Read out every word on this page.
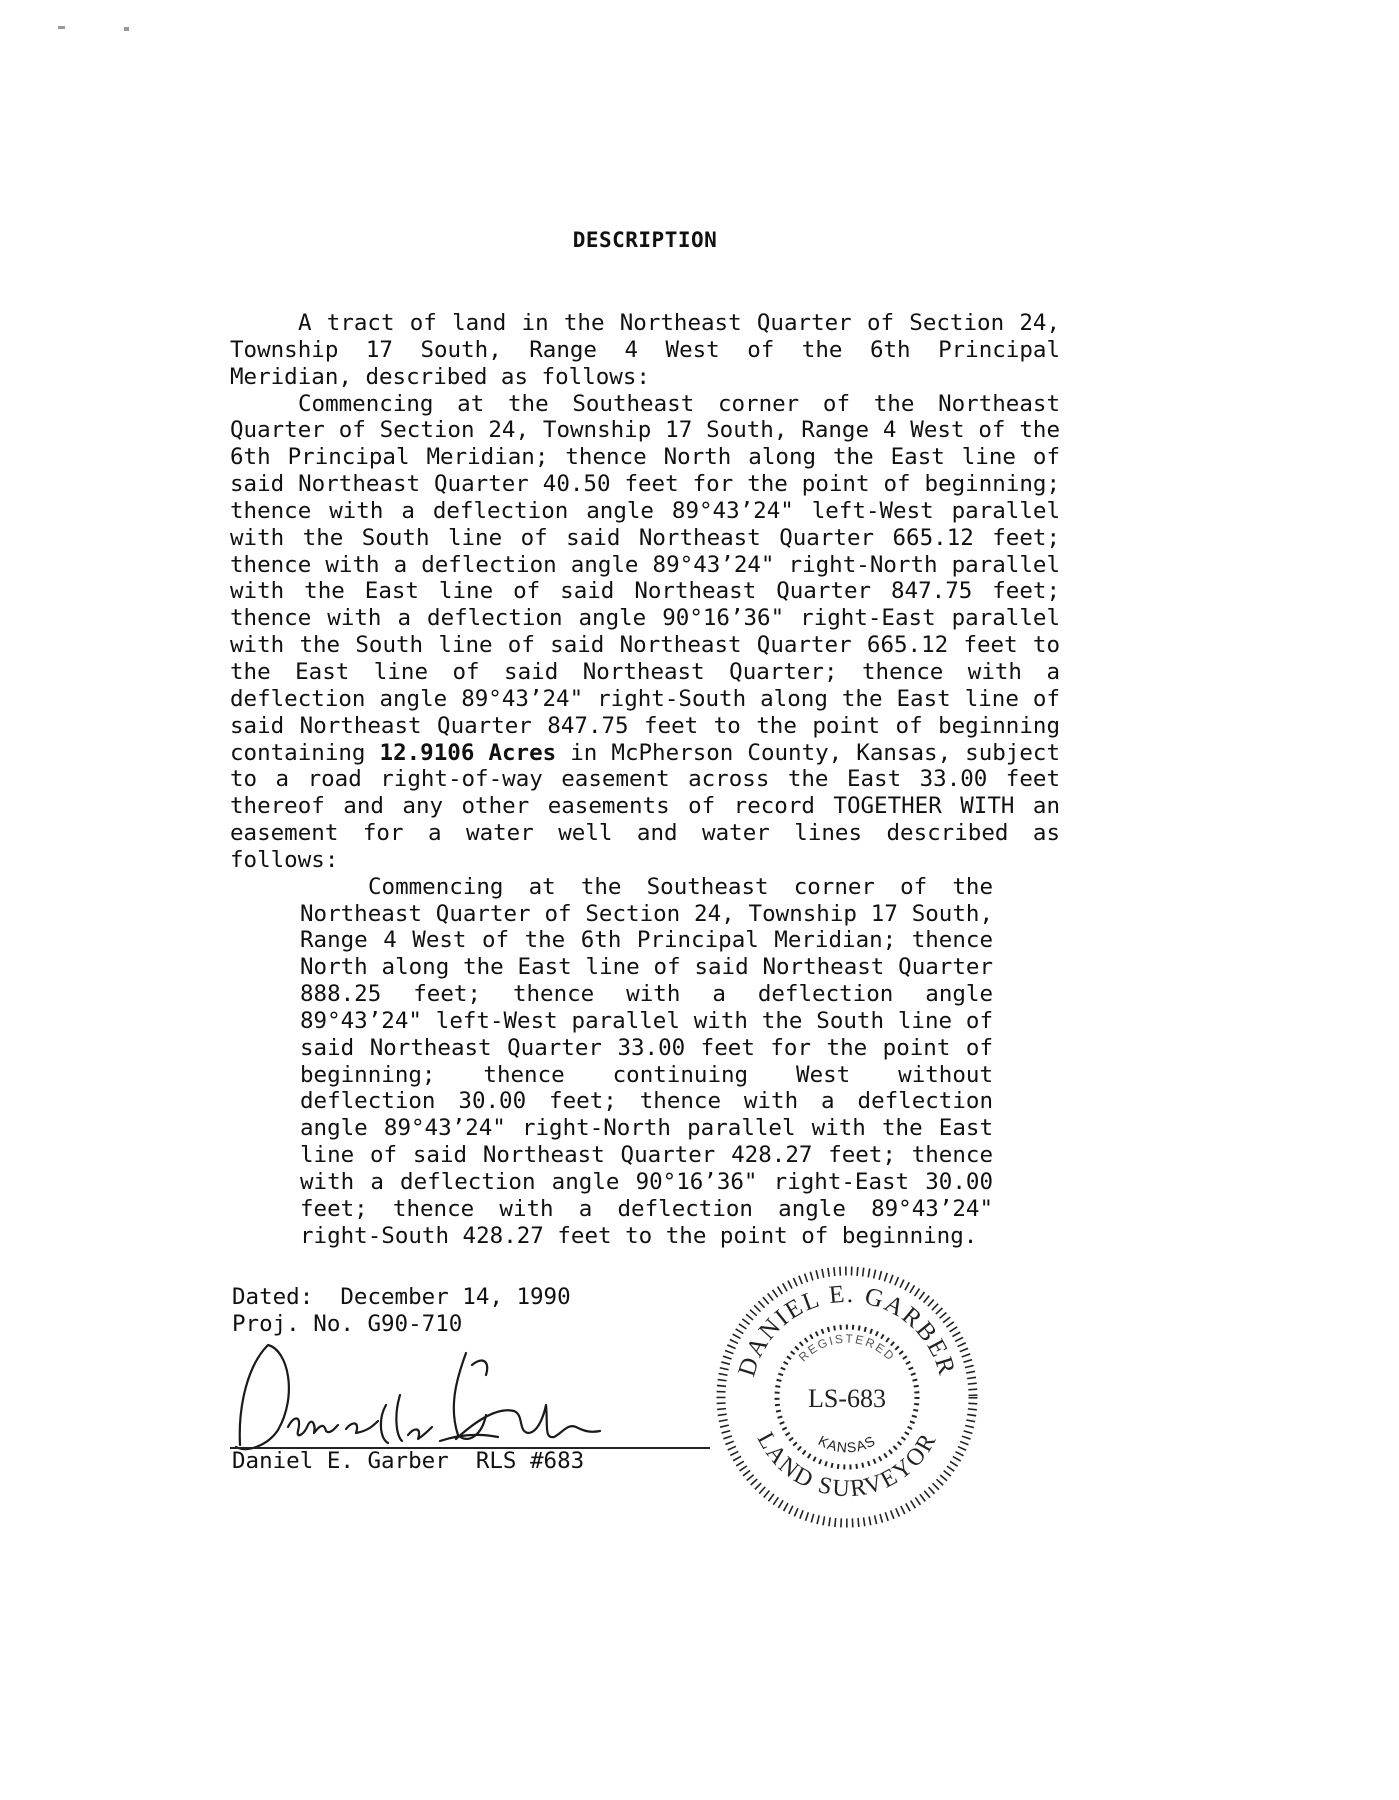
DESCRIPTION

A tract of land in the Northeast Quarter of Section 24, Township 17 South, Range 4 West of the 6th Principal Meridian, described as follows:

Commencing at the Southeast corner of the Northeast Quarter of Section 24, Township 17 South, Range 4 West of the 6th Principal Meridian; thence North along the East line of said Northeast Quarter 40.50 feet for the point of beginning; thence with a deflection angle 89°43’24" left-West parallel with the South line of said Northeast Quarter 665.12 feet; thence with a deflection angle 89°43’24" right-North parallel with the East line of said Northeast Quarter 847.75 feet; thence with a deflection angle 90°16’36" right-East parallel with the South line of said Northeast Quarter 665.12 feet to the East line of said Northeast Quarter; thence with a deflection angle 89°43’24" right-South along the East line of said Northeast Quarter 847.75 feet to the point of beginning containing 12.9106 Acres in McPherson County, Kansas, subject to a road right-of-way easement across the East 33.00 feet thereof and any other easements of record TOGETHER WITH an easement for a water well and water lines described as follows:

Commencing at the Southeast corner of the Northeast Quarter of Section 24, Township 17 South, Range 4 West of the 6th Principal Meridian; thence North along the East line of said Northeast Quarter 888.25 feet; thence with a deflection angle 89°43’24" left-West parallel with the South line of said Northeast Quarter 33.00 feet for the point of beginning; thence continuing West without deflection 30.00 feet; thence with a deflection angle 89°43’24" right-North parallel with the East line of said Northeast Quarter 428.27 feet; thence with a deflection angle 90°16’36" right-East 30.00 feet; thence with a deflection angle 89°43’24" right-South 428.27 feet to the point of beginning.

Dated:  December 14, 1990
Proj. No. G90-710
Daniel E. Garber  RLS #683
DANIEL E. GARBER
REGISTERED
LS-683
KANSAS
LAND SURVEYOR
